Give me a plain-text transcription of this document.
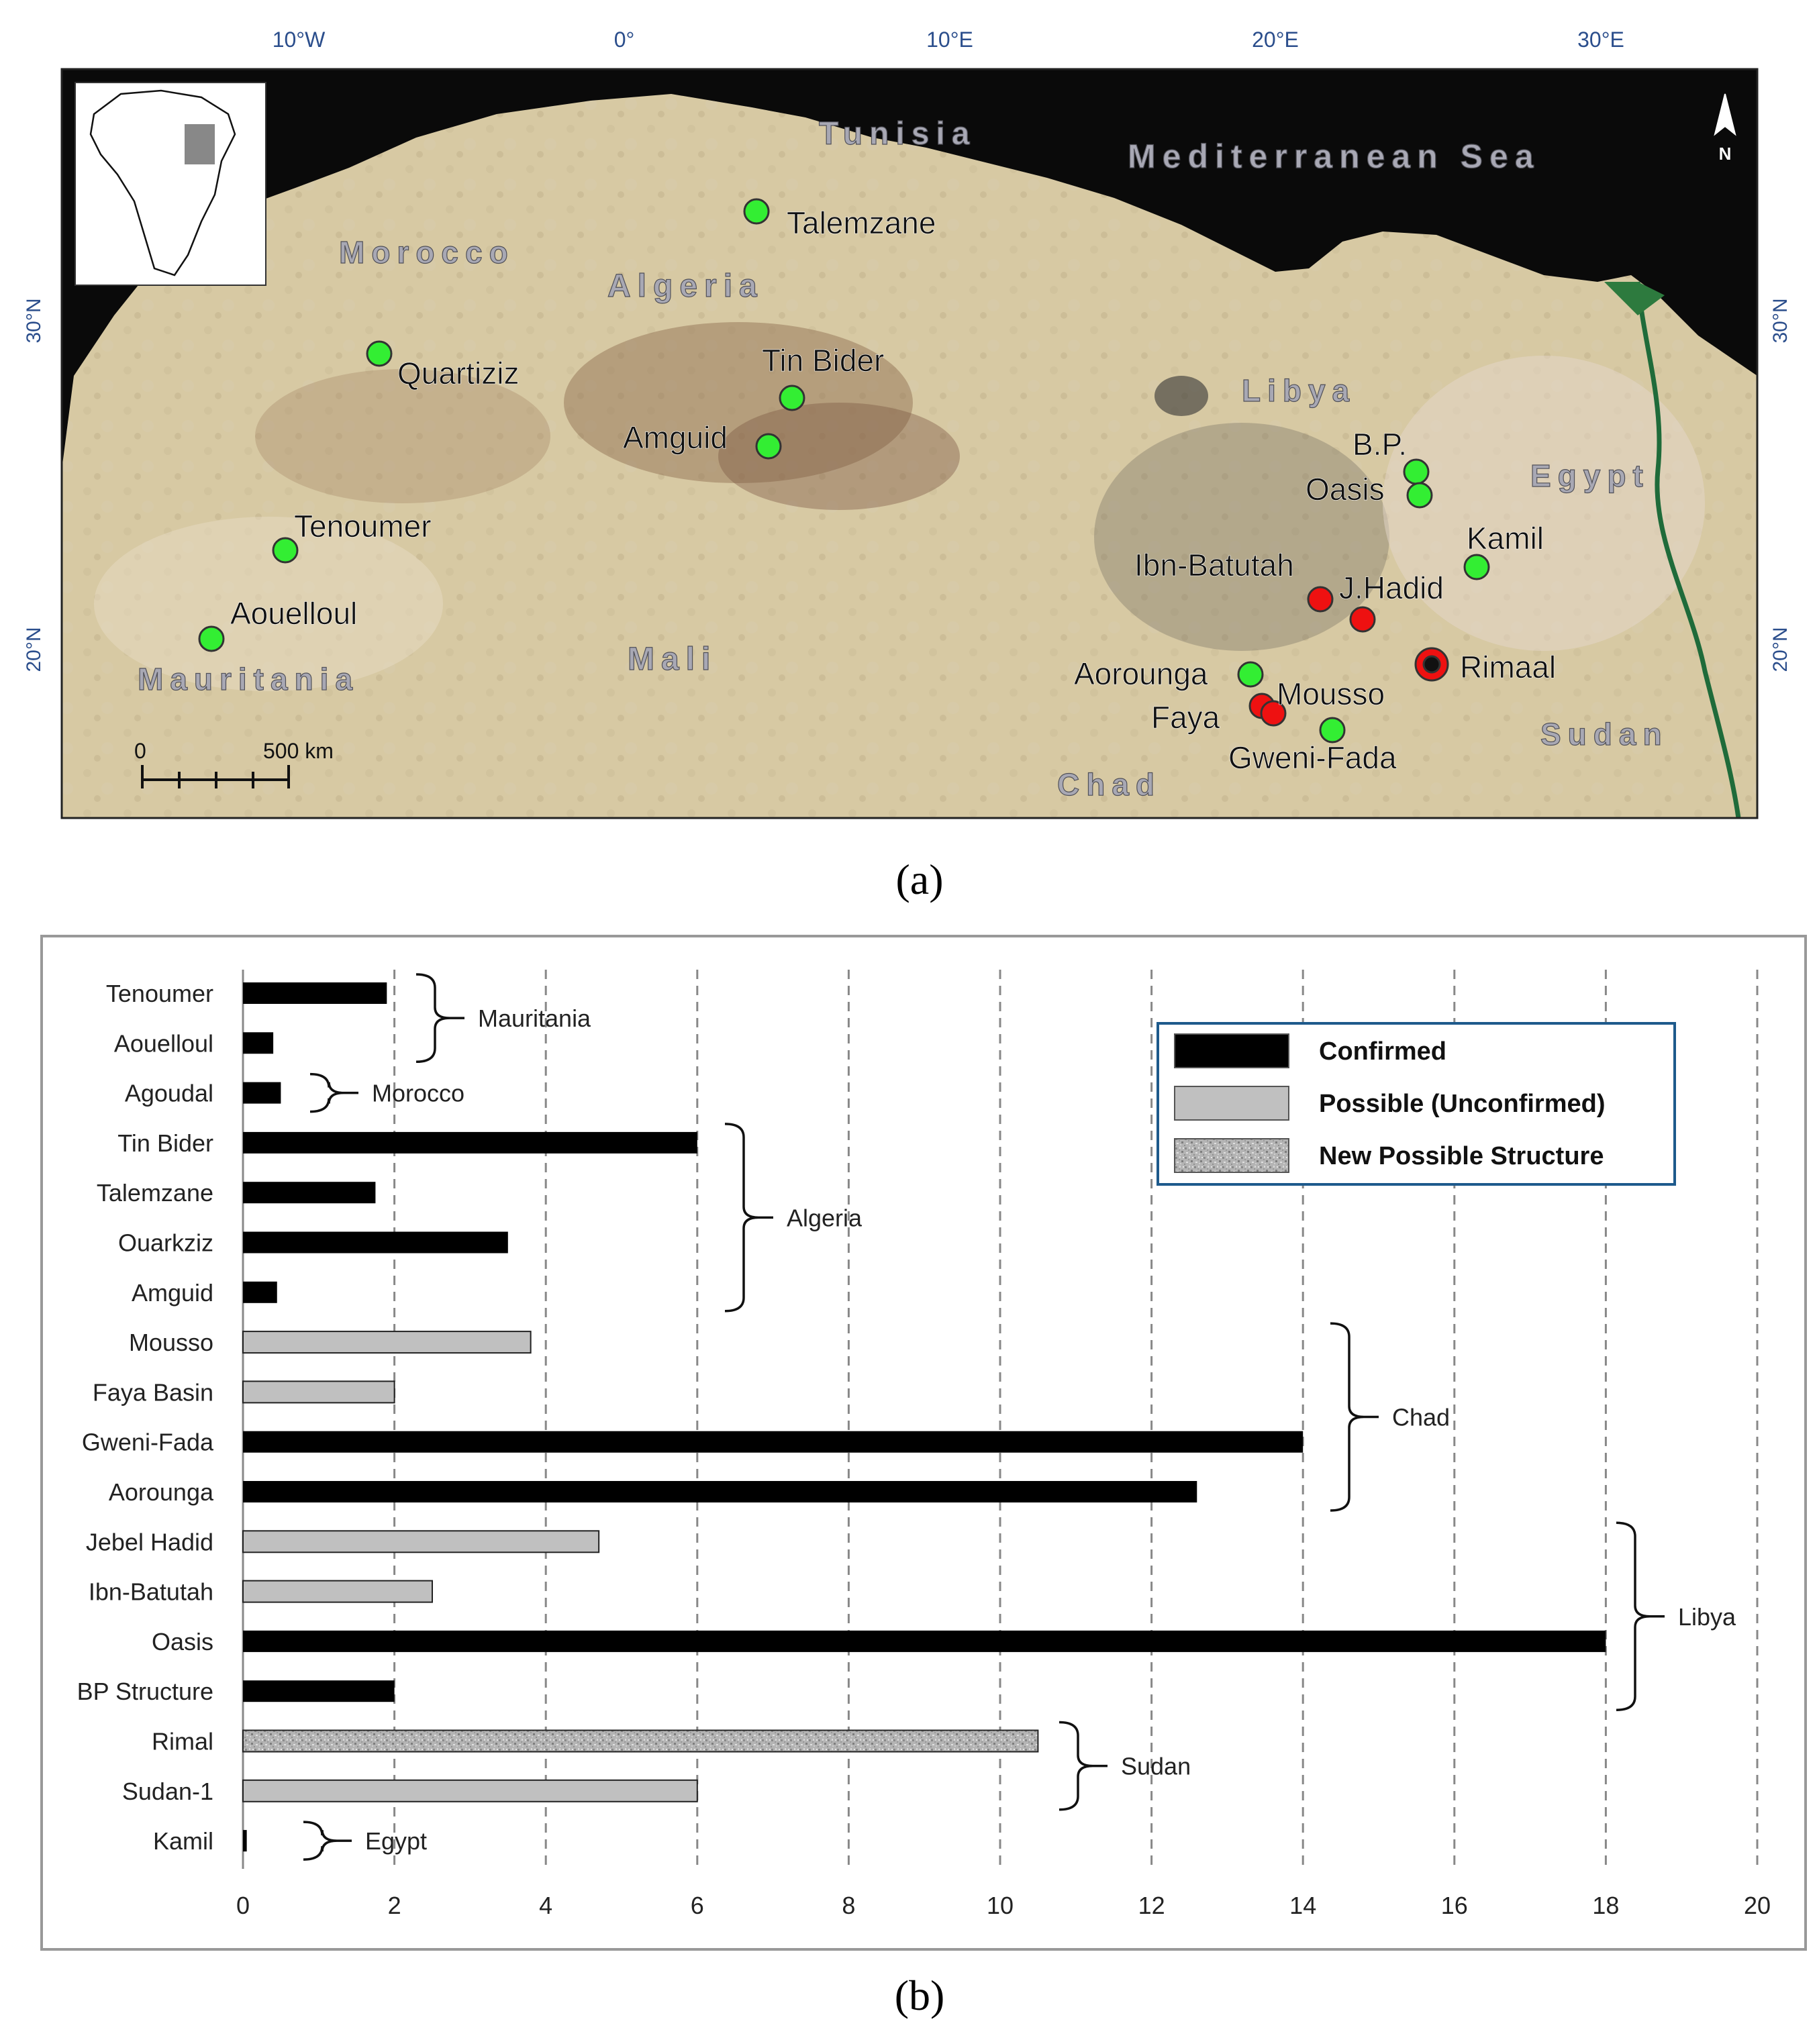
10°W	0°	10°E	20°E	30°E
30°N
20°N
30°N
20°N
N
Tunisia
Mediterranean Sea
Morocco
Algeria
Libya
Egypt
Mauritania
Mali
Chad
Sudan
Talemzane
Quartiziz	Tin Bider
Amguid
Tenoumer
Aouelloul
B.P.
Oasis
Kamil
Ibn-Batutah
J.Hadid
Aorounga
Mousso
Faya
Gweni-Fada
Rimaal
0	500 km
(a)
0	2	4	6	8	10	12	14	16	18	20
Tenoumer
Aouelloul
Agoudal
Tin Bider
Talemzane
Ouarkziz
Amguid
Mousso
Faya Basin
Gweni-Fada
Aorounga
Jebel Hadid
Ibn-Batutah
Oasis
BP Structure
Rimal
Sudan-1
Kamil
Mauritania
Morocco
Algeria
Chad
Libya
Sudan
Egypt
Confirmed
Possible (Unconfirmed)
New Possible Structure
(b)
